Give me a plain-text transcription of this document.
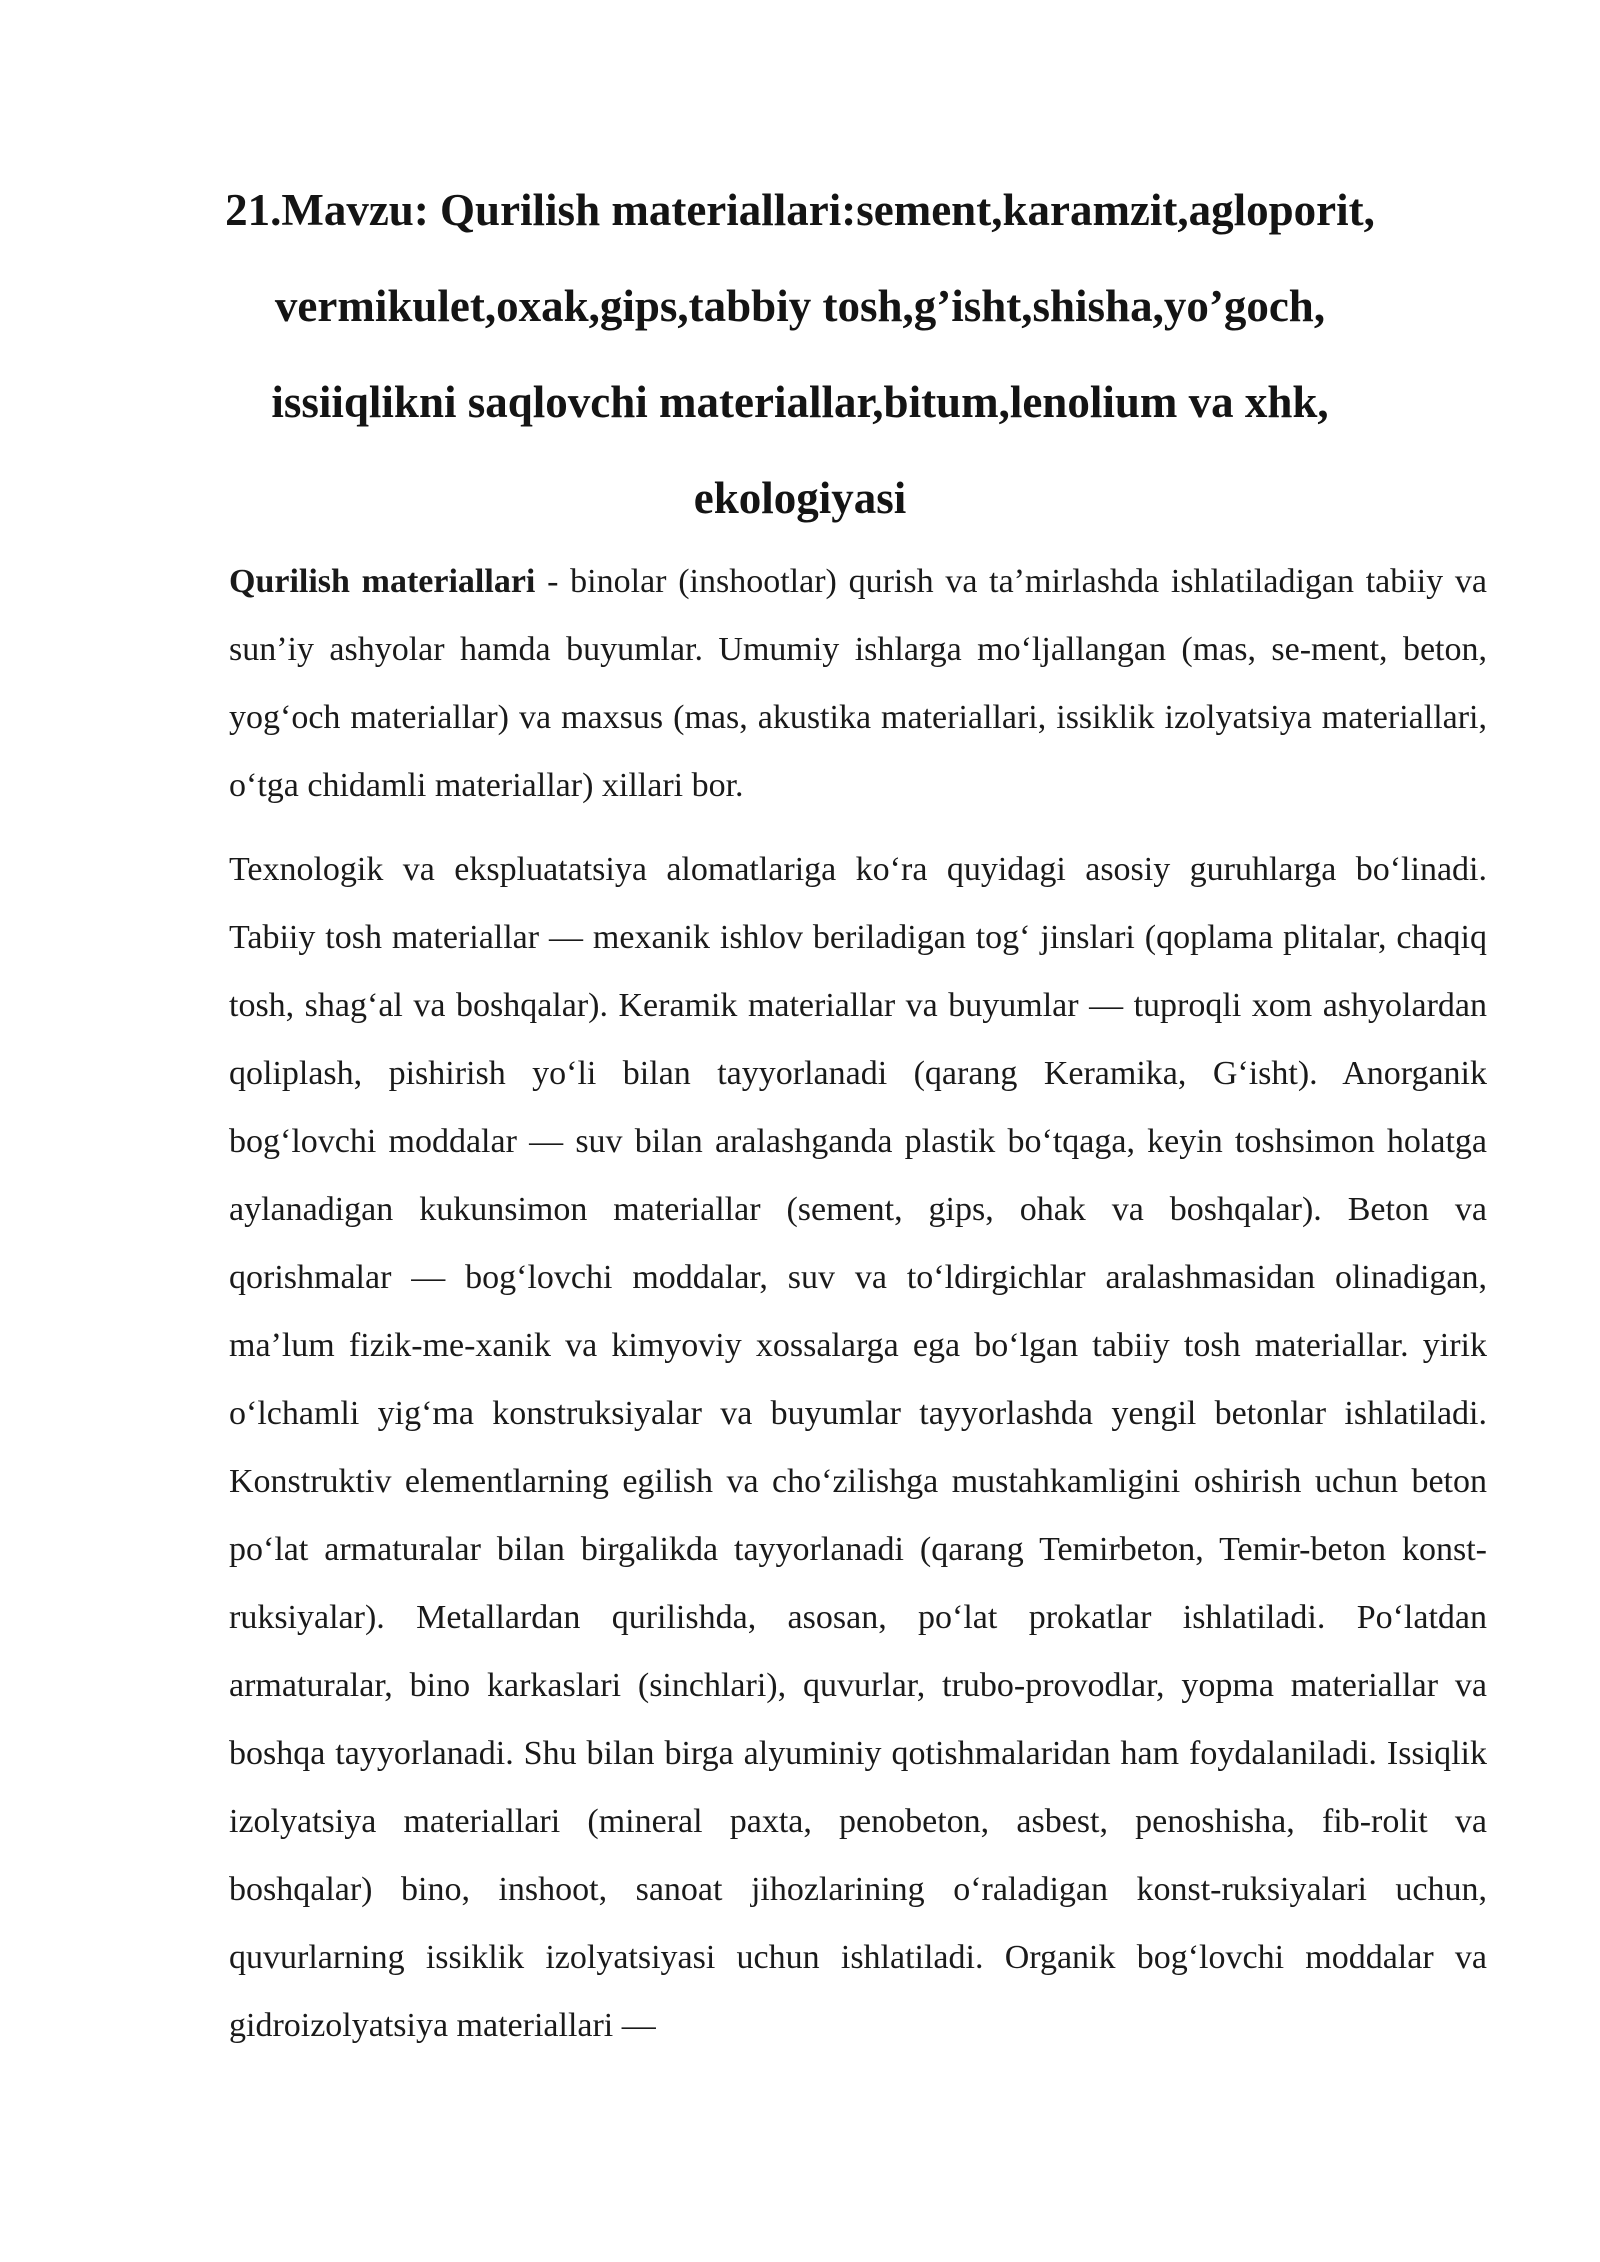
21.Mavzu: Qurilish materiallari:sement,karamzit,agloporit,
vermikulet,oxak,gips,tabbiy tosh,g’isht,shisha,yo’goch,
issiiqlikni saqlovchi materiallar,bitum,lenolium va xhk,
ekologiyasi

Qurilish materiallari - binolar (inshootlar) qurish va taʼmirlashda ishlatiladigan tabiiy va sunʼiy ashyolar hamda buyumlar. Umumiy ishlarga moʻljallangan (mas, se-ment, beton, yogʻoch materiallar) va maxsus (mas, akustika materiallari, issiklik izolyatsiya materiallari, oʻtga chidamli materiallar) xillari bor.

Texnologik va ekspluatatsiya alomatlariga koʻra quyidagi asosiy guruhlarga boʻlinadi. Tabiiy tosh materiallar — mexanik ishlov beriladigan togʻ jinslari (qoplama plitalar, chaqiq tosh, shagʻal va boshqalar). Keramik materiallar va buyumlar — tuproqli xom ashyolardan qoliplash, pishirish yoʻli bilan tayyorlanadi (qarang Keramika, Gʻisht). Anorganik bogʻlovchi moddalar — suv bilan aralashganda plastik boʻtqaga, keyin toshsimon holatga aylanadigan kukunsimon materiallar (sement, gips, ohak va boshqalar). Beton va qorishmalar — bogʻlovchi moddalar, suv va toʻldirgichlar aralashmasidan olinadigan, maʼlum fizik-me-xanik va kimyoviy xossalarga ega boʻlgan tabiiy tosh materiallar. yirik oʻlchamli yigʻma konstruksiyalar va buyumlar tayyorlashda yengil betonlar ishlatiladi. Konstruktiv elementlarning egilish va choʻzilishga mustahkamligini oshirish uchun beton poʻlat armaturalar bilan birgalikda tayyorlanadi (qarang Temirbeton, Temir-beton konst-ruksiyalar). Metallardan qurilishda, asosan, poʻlat prokatlar ishlatiladi. Poʻlatdan armaturalar, bino karkaslari (sinchlari), quvurlar, trubo-provodlar, yopma materiallar va boshqa tayyorlanadi. Shu bilan birga alyuminiy qotishmalaridan ham foydalaniladi. Issiqlik izolyatsiya materiallari (mineral paxta, penobeton, asbest, penoshisha, fib-rolit va boshqalar) bino, inshoot, sanoat jihozlarining oʻraladigan konst-ruksiyalari uchun, quvurlarning issiklik izolyatsiyasi uchun ishlatiladi. Organik bogʻlovchi moddalar va gidroizolyatsiya materiallari —
